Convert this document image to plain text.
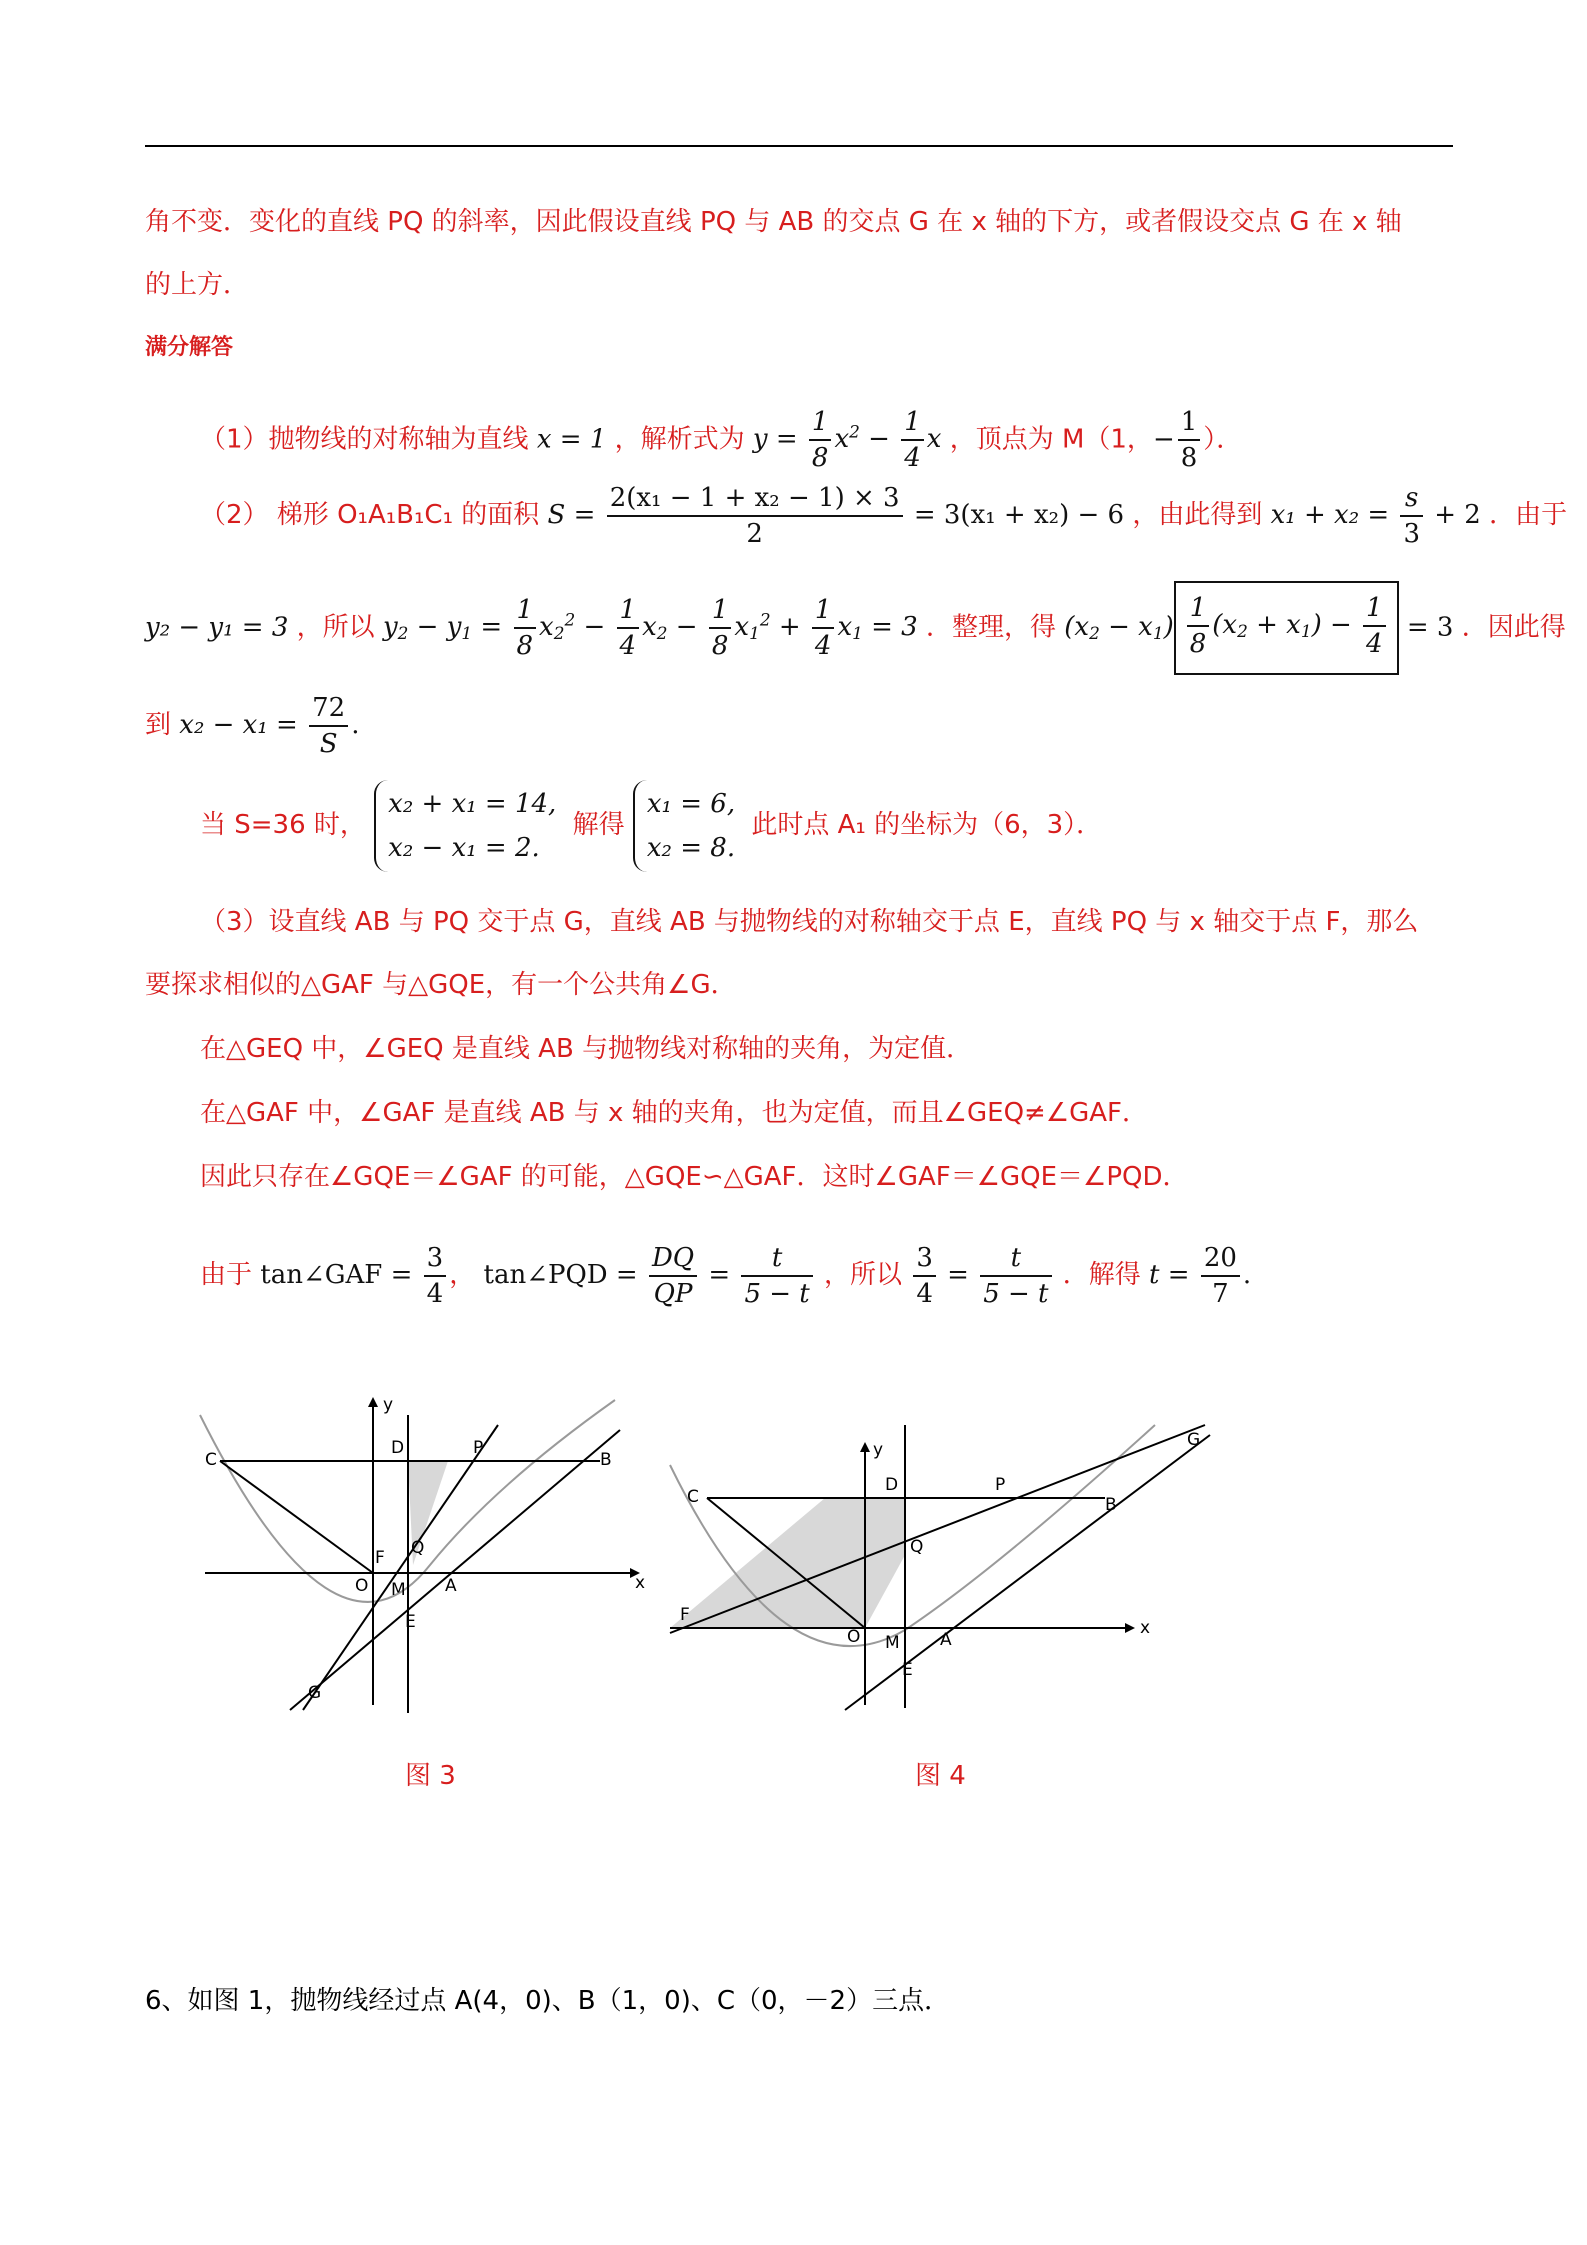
角不变．变化的直线 PQ 的斜率，因此假设直线 PQ 与 AB 的交点 G 在 x 轴的下方，或者假设交点 G 在 x 轴
的上方．
满分解答
（1）抛物线的对称轴为直线 x = 1 ，解析式为 $y = \frac{1}{8} x^2 - \frac{1}{4}$ x ，顶点为 M（1，− $\frac{1}{8}$ ）．
（2） 梯形 O₁A₁B₁C₁ 的面积 $S = \frac{\text{2(x₁ − 1 + x₂ − 1) × 3}}{2} = 3(x_1 + x_2) - 6$ ，由此得到 $x_1 + x_2 = \frac{s}{3} + 2$ ．由于
y₂ − y₁ = 3 ，所以 $y_2 - y_1 = \frac{1}{8} x_2^2 - \frac{1}{4} x_2 - \frac{1}{8} x_1^2 + \frac{1}{4} x_1 = 3$ ．整理，得 $(x_2 - x_1) \frac{1}{8} (x_2 + x_1) - \frac{1}{4} = 3$ ．因此得
到 $x_2 - x_1 = \frac{72}{S}$ .
当 S=36 时，
x₂ + x₁ = 14,
x₂ − x₁ = 2.
解得
x₁ = 6,
x₂ = 8.
此时点 A₁ 的坐标为（6，3）．
（3）设直线 AB 与 PQ 交于点 G，直线 AB 与抛物线的对称轴交于点 E，直线 PQ 与 x 轴交于点 F，那么
要探求相似的△GAF 与△GQE，有一个公共角∠G．
在△GEQ 中，∠GEQ 是直线 AB 与抛物线对称轴的夹角，为定值．
在△GAF 中，∠GAF 是直线 AB 与 x 轴的夹角，也为定值，而且∠GEQ≠∠GAF．
因此只存在∠GQE＝∠GAF 的可能，△GQE∽△GAF．这时∠GAF＝∠GQE＝∠PQD．
由于 tan∠GAF = $\frac{3}{4}$ ， tan∠PQD = $\frac{DQ}{QP} = \frac{t}{5 - t}$ ，所以 $\frac{3}{4} = \frac{t}{5 - t}$ ．解得 $t = \frac{20}{7}$ .
y
x
C	B
D	P
Q
F
O M A
E
G
图 3
y
x
C	B
D	P
Q
F
O M A
E
G
图 4
6、如图 1，抛物线经过点 A(4，0)、B（1，0)、C（0，－2）三点．
